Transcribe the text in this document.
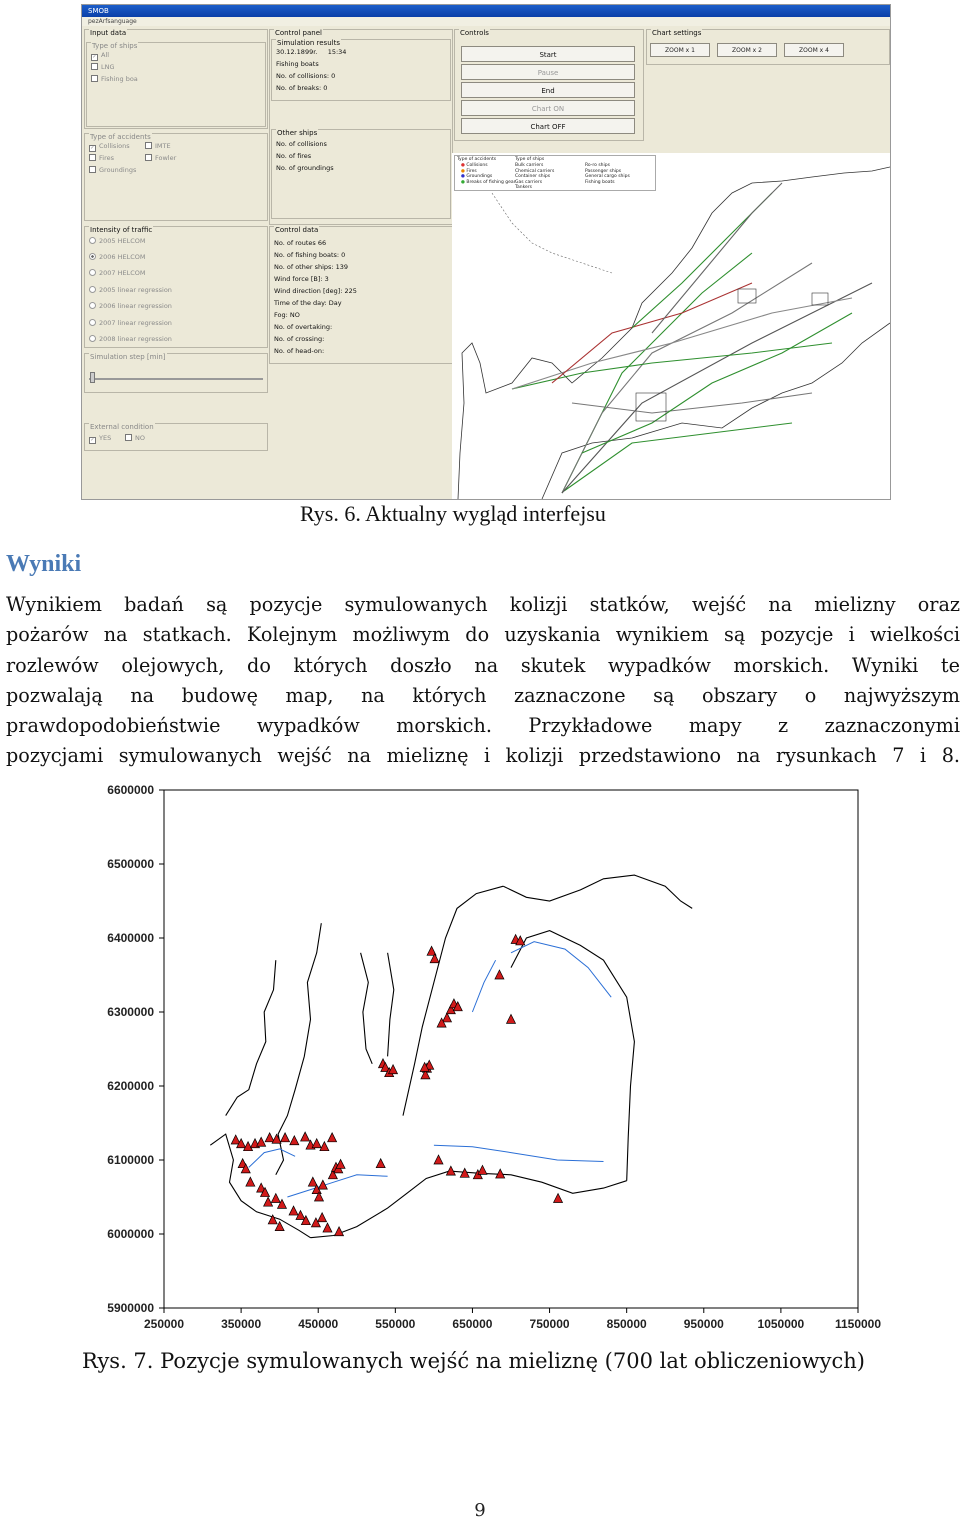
SMOB
pezArfsanguage
Input data
Type of ships
✓ All
LNG
Fishing boa
Type of accidents
✓ Collisions	IMTE
Fires	Fowler
Groundings
Intensity of traffic
2005 HELCOM
2006 HELCOM
2007 HELCOM
2005 linear regression
2006 linear regression
2007 linear regression
2008 linear regression
Simulation step [min]
External condition
✓ YES	NO
Control panel
Simulation results
30.12.1899r. 15:34
Fishing boats
No. of collisions: 0
No. of breaks: 0
Other ships
No. of collisions
No. of fires
No. of groundings
Control data
No. of routes 66
No. of fishing boats: 0
No. of other ships: 139
Wind force [B]: 3
Wind direction [deg]: 225
Time of the day: Day
Fog: NO
No. of overtaking:
No. of crossing:
No. of head-on:
Controls
Start
Pause
End
Chart ON
Chart OFF
Chart settings
ZOOM x 1	ZOOM x 2	ZOOM x 4
Type of accidents	Type of ships
● Collisions
● Fires
● Groundings
● Breaks of fishing gear
Bulk carriers
Chemical carriers
Container ships
Gas carriers
Tankers
Ro-ro ships
Passenger ships
General cargo ships
Fishing boats
Rys. 6. Aktualny wygląd interfejsu
Wyniki
Wynikiem badań są pozycje symulowanych kolizji statków, wejść na mielizny oraz
pożarów na statkach. Kolejnym możliwym do uzyskania wynikiem są pozycje i wielkości
rozlewów olejowych, do których doszło na skutek wypadków morskich. Wyniki te
pozwalają na budowę map, na których zaznaczone są obszary o najwyższym
prawdopodobieństwie wypadków morskich. Przykładowe mapy z zaznaczonymi
pozycjami symulowanych wejść na mieliznę i kolizji przedstawiono na rysunkach 7 i 8.
6600000
6500000
6400000
6300000
6200000
6100000
6000000
5900000
250000	350000	450000	550000	650000	750000	850000	950000	1050000	1150000
Rys. 7. Pozycje symulowanych wejść na mieliznę (700 lat obliczeniowych)
9
